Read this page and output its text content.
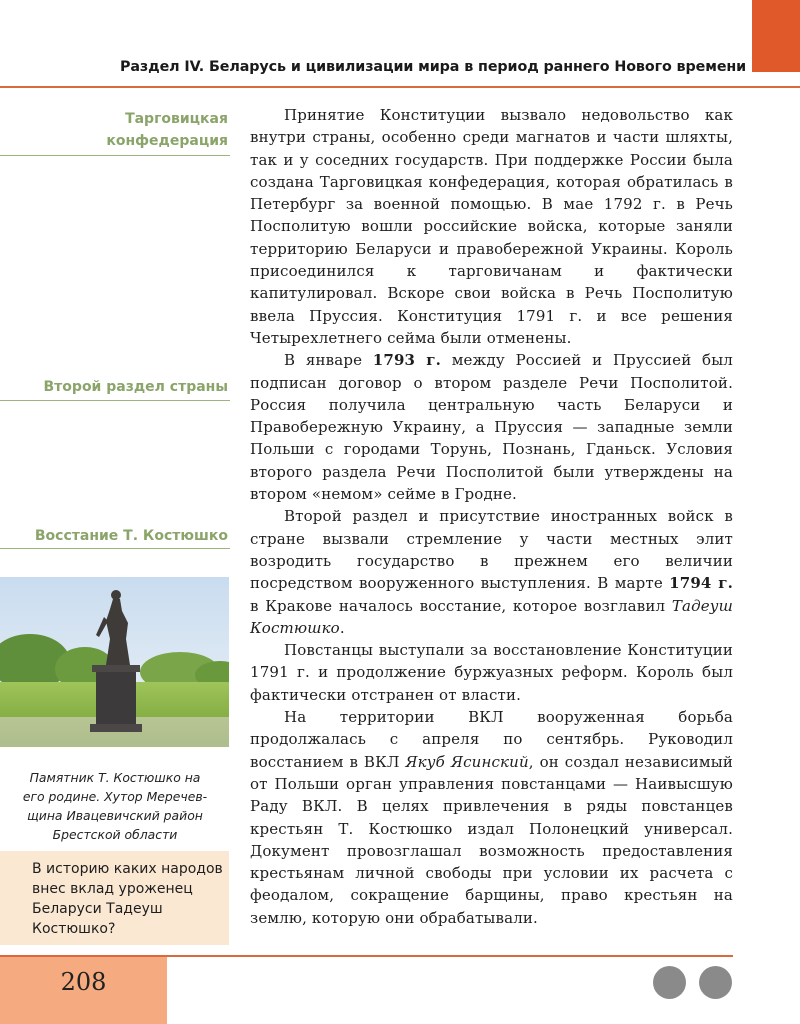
Раздел IV. Беларусь и цивилизации мира в период раннего Нового времени
Тарговицкая
конфедерация
Второй раздел страны
Восстание Т. Костюшко
Памятник Т. Костюшко на
его родине. Хутор Меречев-
щина Ивацевичский район
Брестской области
В историю каких народов внес вклад уроженец Беларуси Тадеуш Костюшко?

Принятие Конституции вызвало недовольство как внутри страны, особенно среди магнатов и части шляхты, так и у соседних государств. При поддержке России была создана Тарговицкая конфедерация, которая обратилась в Петербург за военной помощью. В мае 1792 г. в Речь Посполитую вошли российские войска, которые заняли территорию Беларуси и правобережной Украины. Король присоединился к тарговичанам и фактически капитулировал. Вскоре свои войска в Речь Посполитую ввела Пруссия. Конституция 1791 г. и все решения Четырехлетнего сейма были отменены.

В январе 1793 г. между Россией и Пруссией был подписан договор о втором разделе Речи Посполитой. Россия получила центральную часть Беларуси и Правобережную Украину, а Пруссия — западные земли Польши с городами Торунь, Познань, Гданьск. Условия второго раздела Речи Посполитой были утверждены на втором «немом» сейме в Гродне.

Второй раздел и присутствие иностранных войск в стране вызвали стремление у части местных элит возродить государство в прежнем его величии посредством вооруженного выступления. В марте 1794 г. в Кракове началось восстание, которое возглавил Тадеуш Костюшко.

Повстанцы выступали за восстановление Конституции 1791 г. и продолжение буржуазных реформ. Король был фактически отстранен от власти.

На территории ВКЛ вооруженная борьба продолжалась с апреля по сентябрь. Руководил восстанием в ВКЛ Якуб Ясинский, он создал независимый от Польши орган управления повстанцами — Наивысшую Раду ВКЛ. В целях привлечения в ряды повстанцев крестьян Т. Костюшко издал Полонецкий универсал. Документ провозглашал возможность предоставления крестьянам личной свободы при условии их расчета с феодалом, сокращение барщины, право крестьян на землю, которую они обрабатывали.

208
